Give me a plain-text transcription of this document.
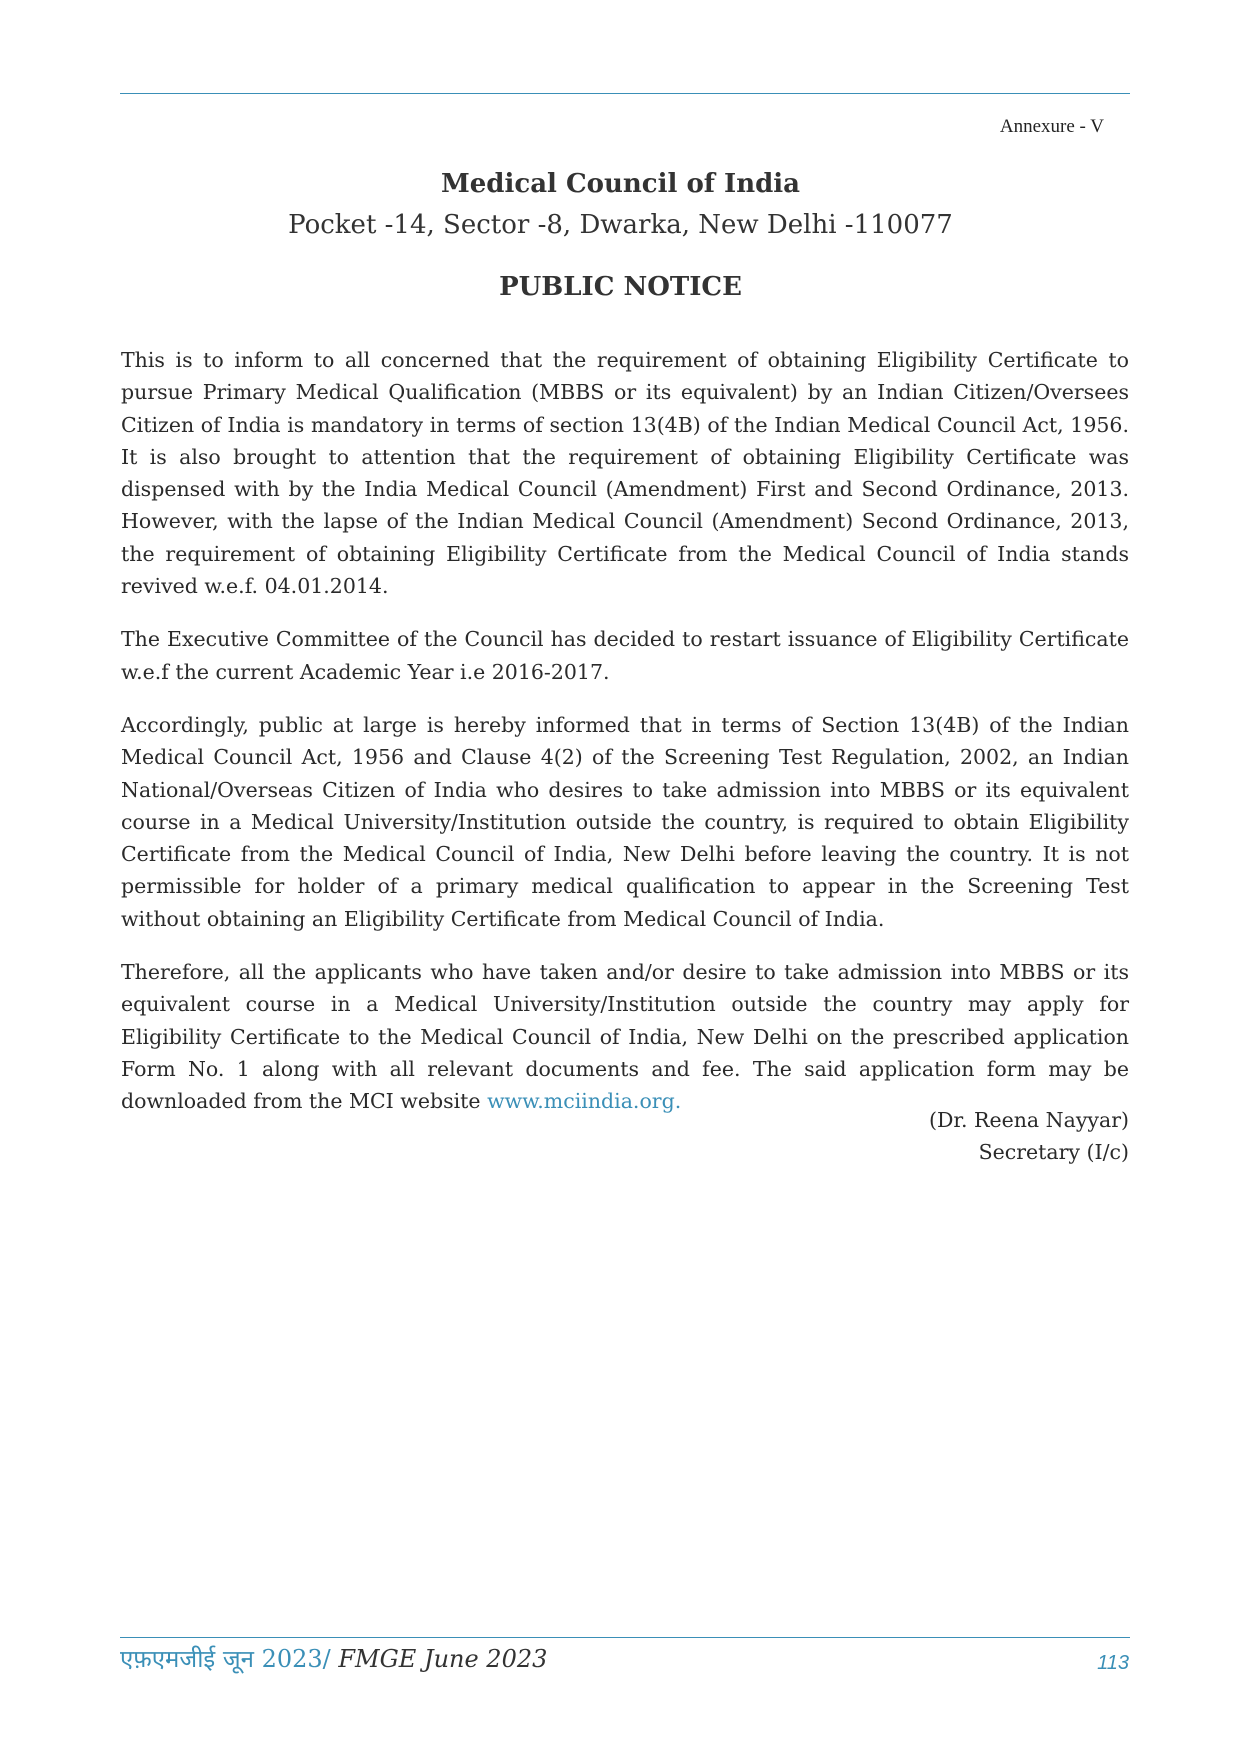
Annexure - V
Medical Council of India
Pocket -14, Sector -8, Dwarka, New Delhi -110077
PUBLIC NOTICE

This is to inform to all concerned that the requirement of obtaining Eligibility Certificate to pursue Primary Medical Qualification (MBBS or its equivalent) by an Indian Citizen/Oversees Citizen of India is mandatory in terms of section 13(4B) of the Indian Medical Council Act, 1956. It is also brought to attention that the requirement of obtaining Eligibility Certificate was dispensed with by the India Medical Council (Amendment) First and Second Ordinance, 2013. However, with the lapse of the Indian Medical Council (Amendment) Second Ordinance, 2013, the requirement of obtaining Eligibility Certificate from the Medical Council of India stands revived w.e.f. 04.01.2014.

The Executive Committee of the Council has decided to restart issuance of Eligibility Certificate w.e.f the current Academic Year i.e 2016-2017.

Accordingly, public at large is hereby informed that in terms of Section 13(4B) of the Indian Medical Council Act, 1956 and Clause 4(2) of the Screening Test Regulation, 2002, an Indian National/Overseas Citizen of India who desires to take admission into MBBS or its equivalent course in a Medical University/Institution outside the country, is required to obtain Eligibility Certificate from the Medical Council of India, New Delhi before leaving the country. It is not permissible for holder of a primary medical qualification to appear in the Screening Test without obtaining an Eligibility Certificate from Medical Council of India.

Therefore, all the applicants who have taken and/or desire to take admission into MBBS or its equivalent course in a Medical University/Institution outside the country may apply for Eligibility Certificate to the Medical Council of India, New Delhi on the prescribed application Form No. 1 along with all relevant documents and fee. The said application form may be downloaded from the MCI website www.mciindia.org.

(Dr. Reena Nayyar)
Secretary (I/c)
एफ़एमजीई जून 2023/ FMGE June 2023	113
